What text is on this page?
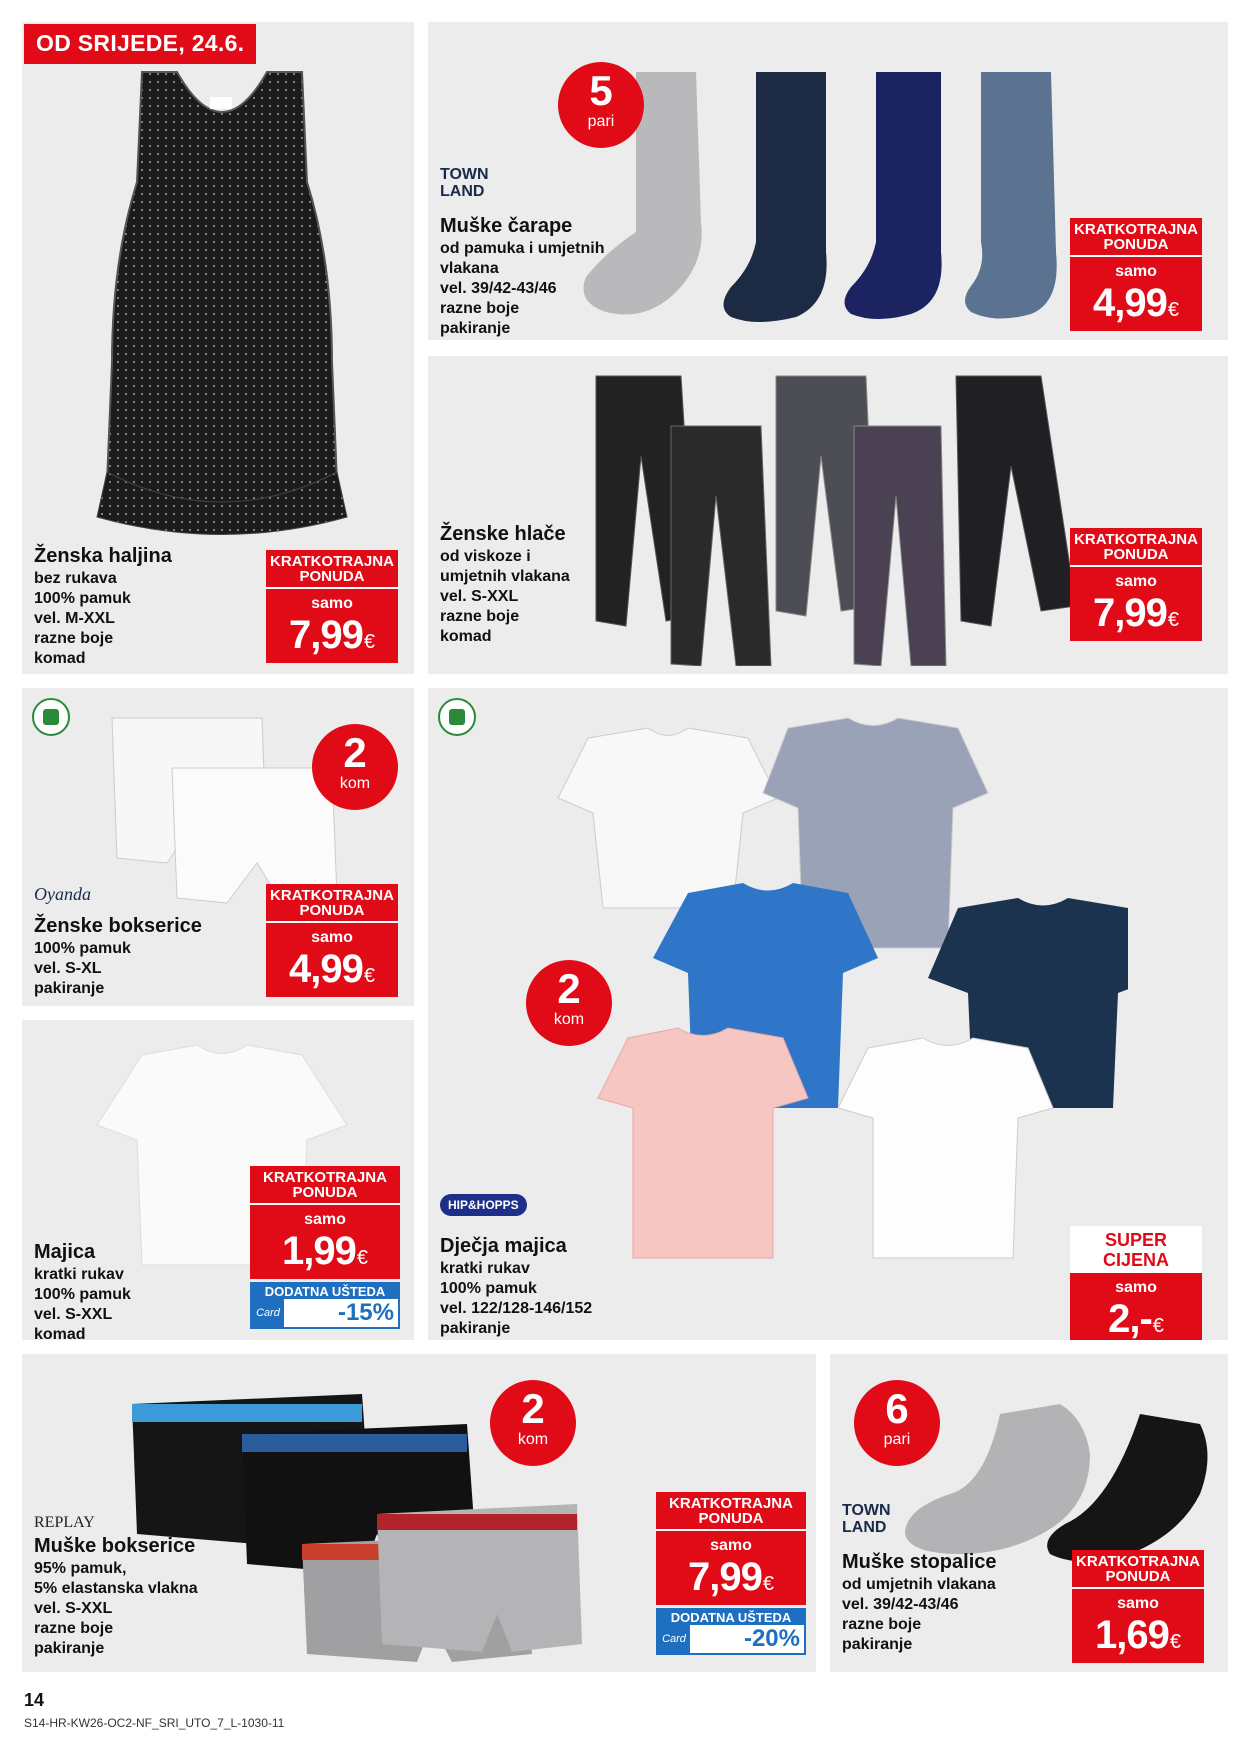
OD SRIJEDE, 24.6.
Ženska haljina
bez rukava
100% pamuk
vel. M-XXL
razne boje
komad
KRATKOTRAJNA PONUDA
samo
7,99€
5
pari
TOWN LAND
Muške čarape
od pamuka i umjetnih
vlakana
vel. 39/42-43/46
razne boje
pakiranje
KRATKOTRAJNA PONUDA
samo
4,99€
Ženske hlače
od viskoze i
umjetnih vlakana
vel. S-XXL
razne boje
komad
KRATKOTRAJNA PONUDA
samo
7,99€
2
kom
Oyanda
Ženske bokserice
100% pamuk
vel. S-XL
pakiranje
KRATKOTRAJNA PONUDA
samo
4,99€	2
kom
HIP&HOPPS
Dječja majica
kratki rukav
100% pamuk
vel. 122/128-146/152
pakiranje
SUPER CIJENA
samo
2,-€
Majica
kratki rukav
100% pamuk
vel. S-XXL
komad
KRATKOTRAJNA PONUDA
samo
1,99€
DODATNA UŠTEDA
Card	-15%
2
kom
REPLAY
Muške bokserice
95% pamuk,
5% elastanska vlakna
vel. S-XXL
razne boje
pakiranje
KRATKOTRAJNA PONUDA
samo
7,99€
DODATNA UŠTEDA
Card	-20%
6
pari
TOWN LAND
Muške stopalice
od umjetnih vlakana
vel. 39/42-43/46
razne boje
pakiranje
KRATKOTRAJNA PONUDA
samo
1,69€
14
S14-HR-KW26-OC2-NF_SRI_UTO_7_L-1030-11
